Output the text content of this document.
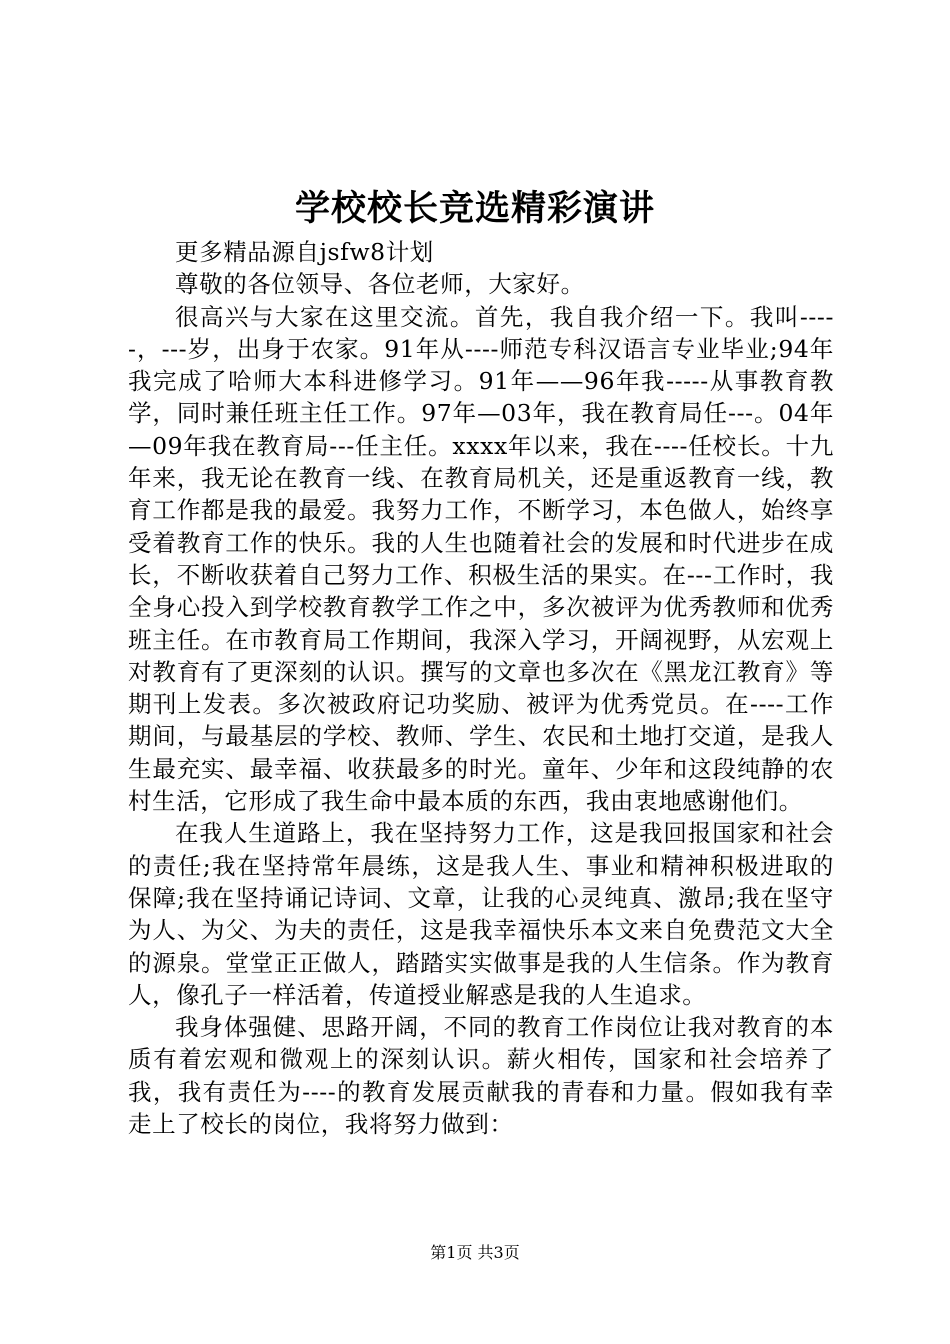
学校校长竞选精彩演讲

更多精品源自jsfw8计划

尊敬的各位领导、各位老师，大家好。

很高兴与大家在这里交流。首先，我自我介绍一下。我叫-----，---岁，出身于农家。91年从----师范专科汉语言专业毕业;94年我完成了哈师大本科进修学习。91年——96年我-----从事教育教学，同时兼任班主任工作。97年—03年，我在教育局任---。04年—09年我在教育局---任主任。xxxx年以来，我在----任校长。十九年来，我无论在教育一线、在教育局机关，还是重返教育一线，教育工作都是我的最爱。我努力工作，不断学习，本色做人，始终享受着教育工作的快乐。我的人生也随着社会的发展和时代进步在成长，不断收获着自己努力工作、积极生活的果实。在---工作时，我全身心投入到学校教育教学工作之中，多次被评为优秀教师和优秀班主任。在市教育局工作期间，我深入学习，开阔视野，从宏观上对教育有了更深刻的认识。撰写的文章也多次在《黑龙江教育》等期刊上发表。多次被政府记功奖励、被评为优秀党员。在----工作期间，与最基层的学校、教师、学生、农民和土地打交道，是我人生最充实、最幸福、收获最多的时光。童年、少年和这段纯静的农村生活，它形成了我生命中最本质的东西，我由衷地感谢他们。

在我人生道路上，我在坚持努力工作，这是我回报国家和社会的责任;我在坚持常年晨练，这是我人生、事业和精神积极进取的保障;我在坚持诵记诗词、文章，让我的心灵纯真、激昂;我在坚守为人、为父、为夫的责任，这是我幸福快乐本文来自免费范文大全的源泉。堂堂正正做人，踏踏实实做事是我的人生信条。作为教育人，像孔子一样活着，传道授业解惑是我的人生追求。

我身体强健、思路开阔，不同的教育工作岗位让我对教育的本质有着宏观和微观上的深刻认识。薪火相传，国家和社会培养了我，我有责任为----的教育发展贡献我的青春和力量。假如我有幸走上了校长的岗位，我将努力做到：

第1页 共3页
